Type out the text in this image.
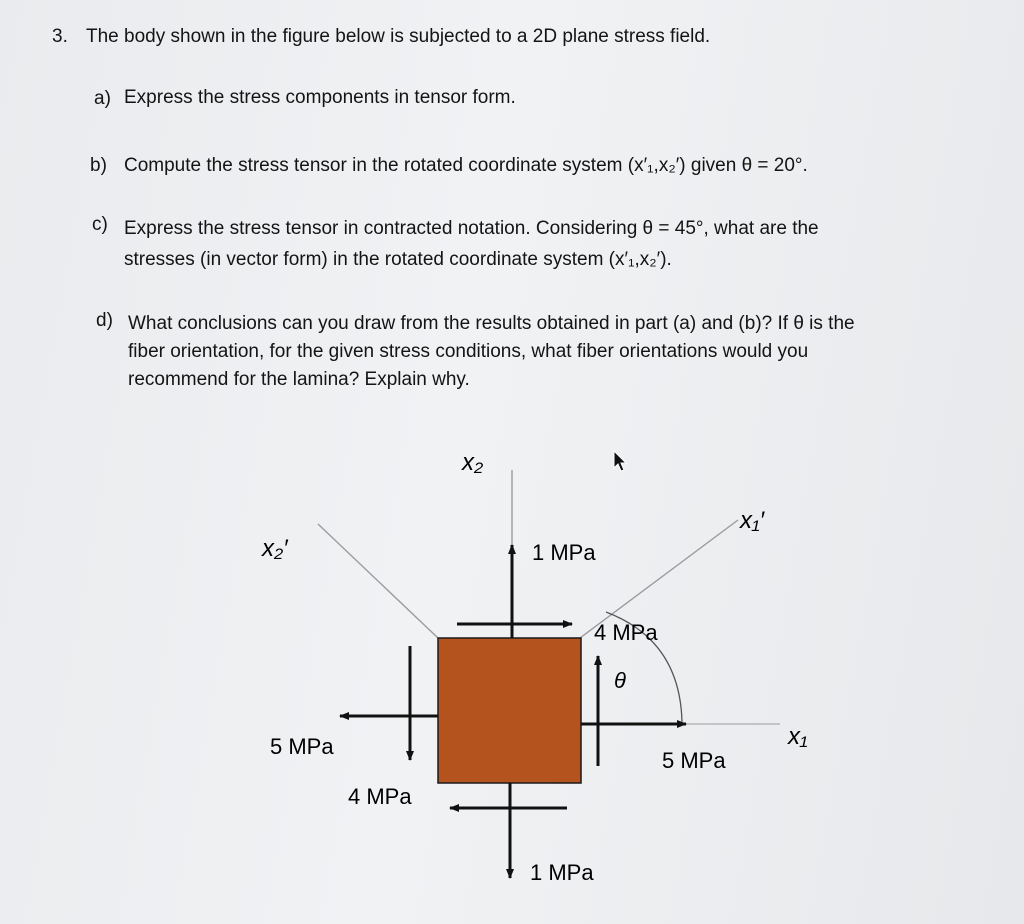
3. The body shown in the figure below is subjected to a 2D plane stress field.
a) Express the stress components in tensor form.
b) Compute the stress tensor in the rotated coordinate system (x′₁,x₂′) given θ = 20°.
c) Express the stress tensor in contracted notation. Considering θ = 45°, what are the
stresses (in vector form) in the rotated coordinate system (x′₁,x₂′).
d) What conclusions can you draw from the results obtained in part (a) and (b)? If θ is the
fiber orientation, for the given stress conditions, what fiber orientations would you
recommend for the lamina? Explain why.
x₂
x₁′
x₂′
x₁
θ
1 MPa
4 MPa
5 MPa
4 MPa
5 MPa
1 MPa
